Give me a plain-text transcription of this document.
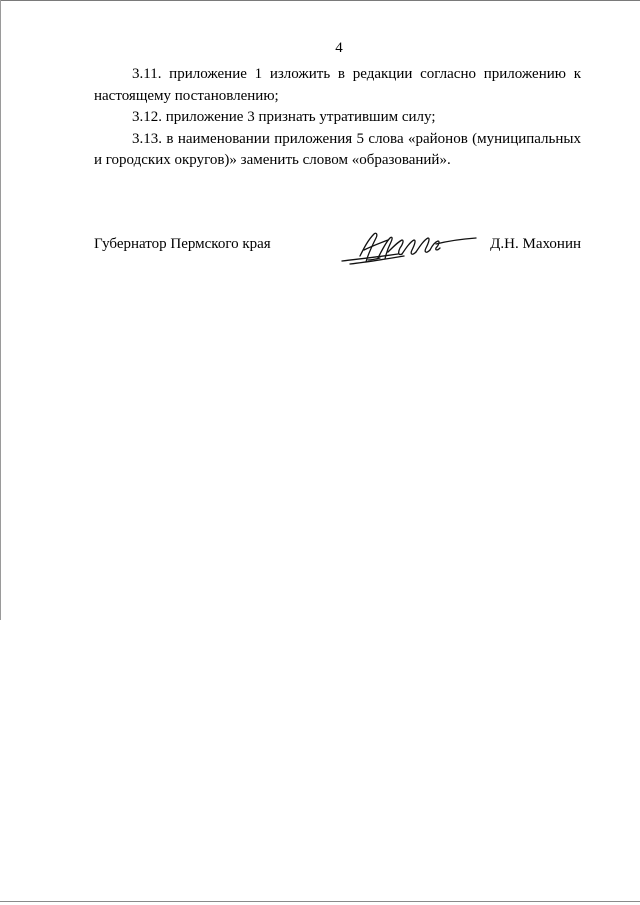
4

3.11. приложение 1 изложить в редакции согласно приложению к настоящему постановлению;

3.12. приложение 3 признать утратившим силу;

3.13. в наименовании приложения 5 слова «районов (муниципальных и городских округов)» заменить словом «образований».

Губернатор Пермского края	Д.Н. Махонин
